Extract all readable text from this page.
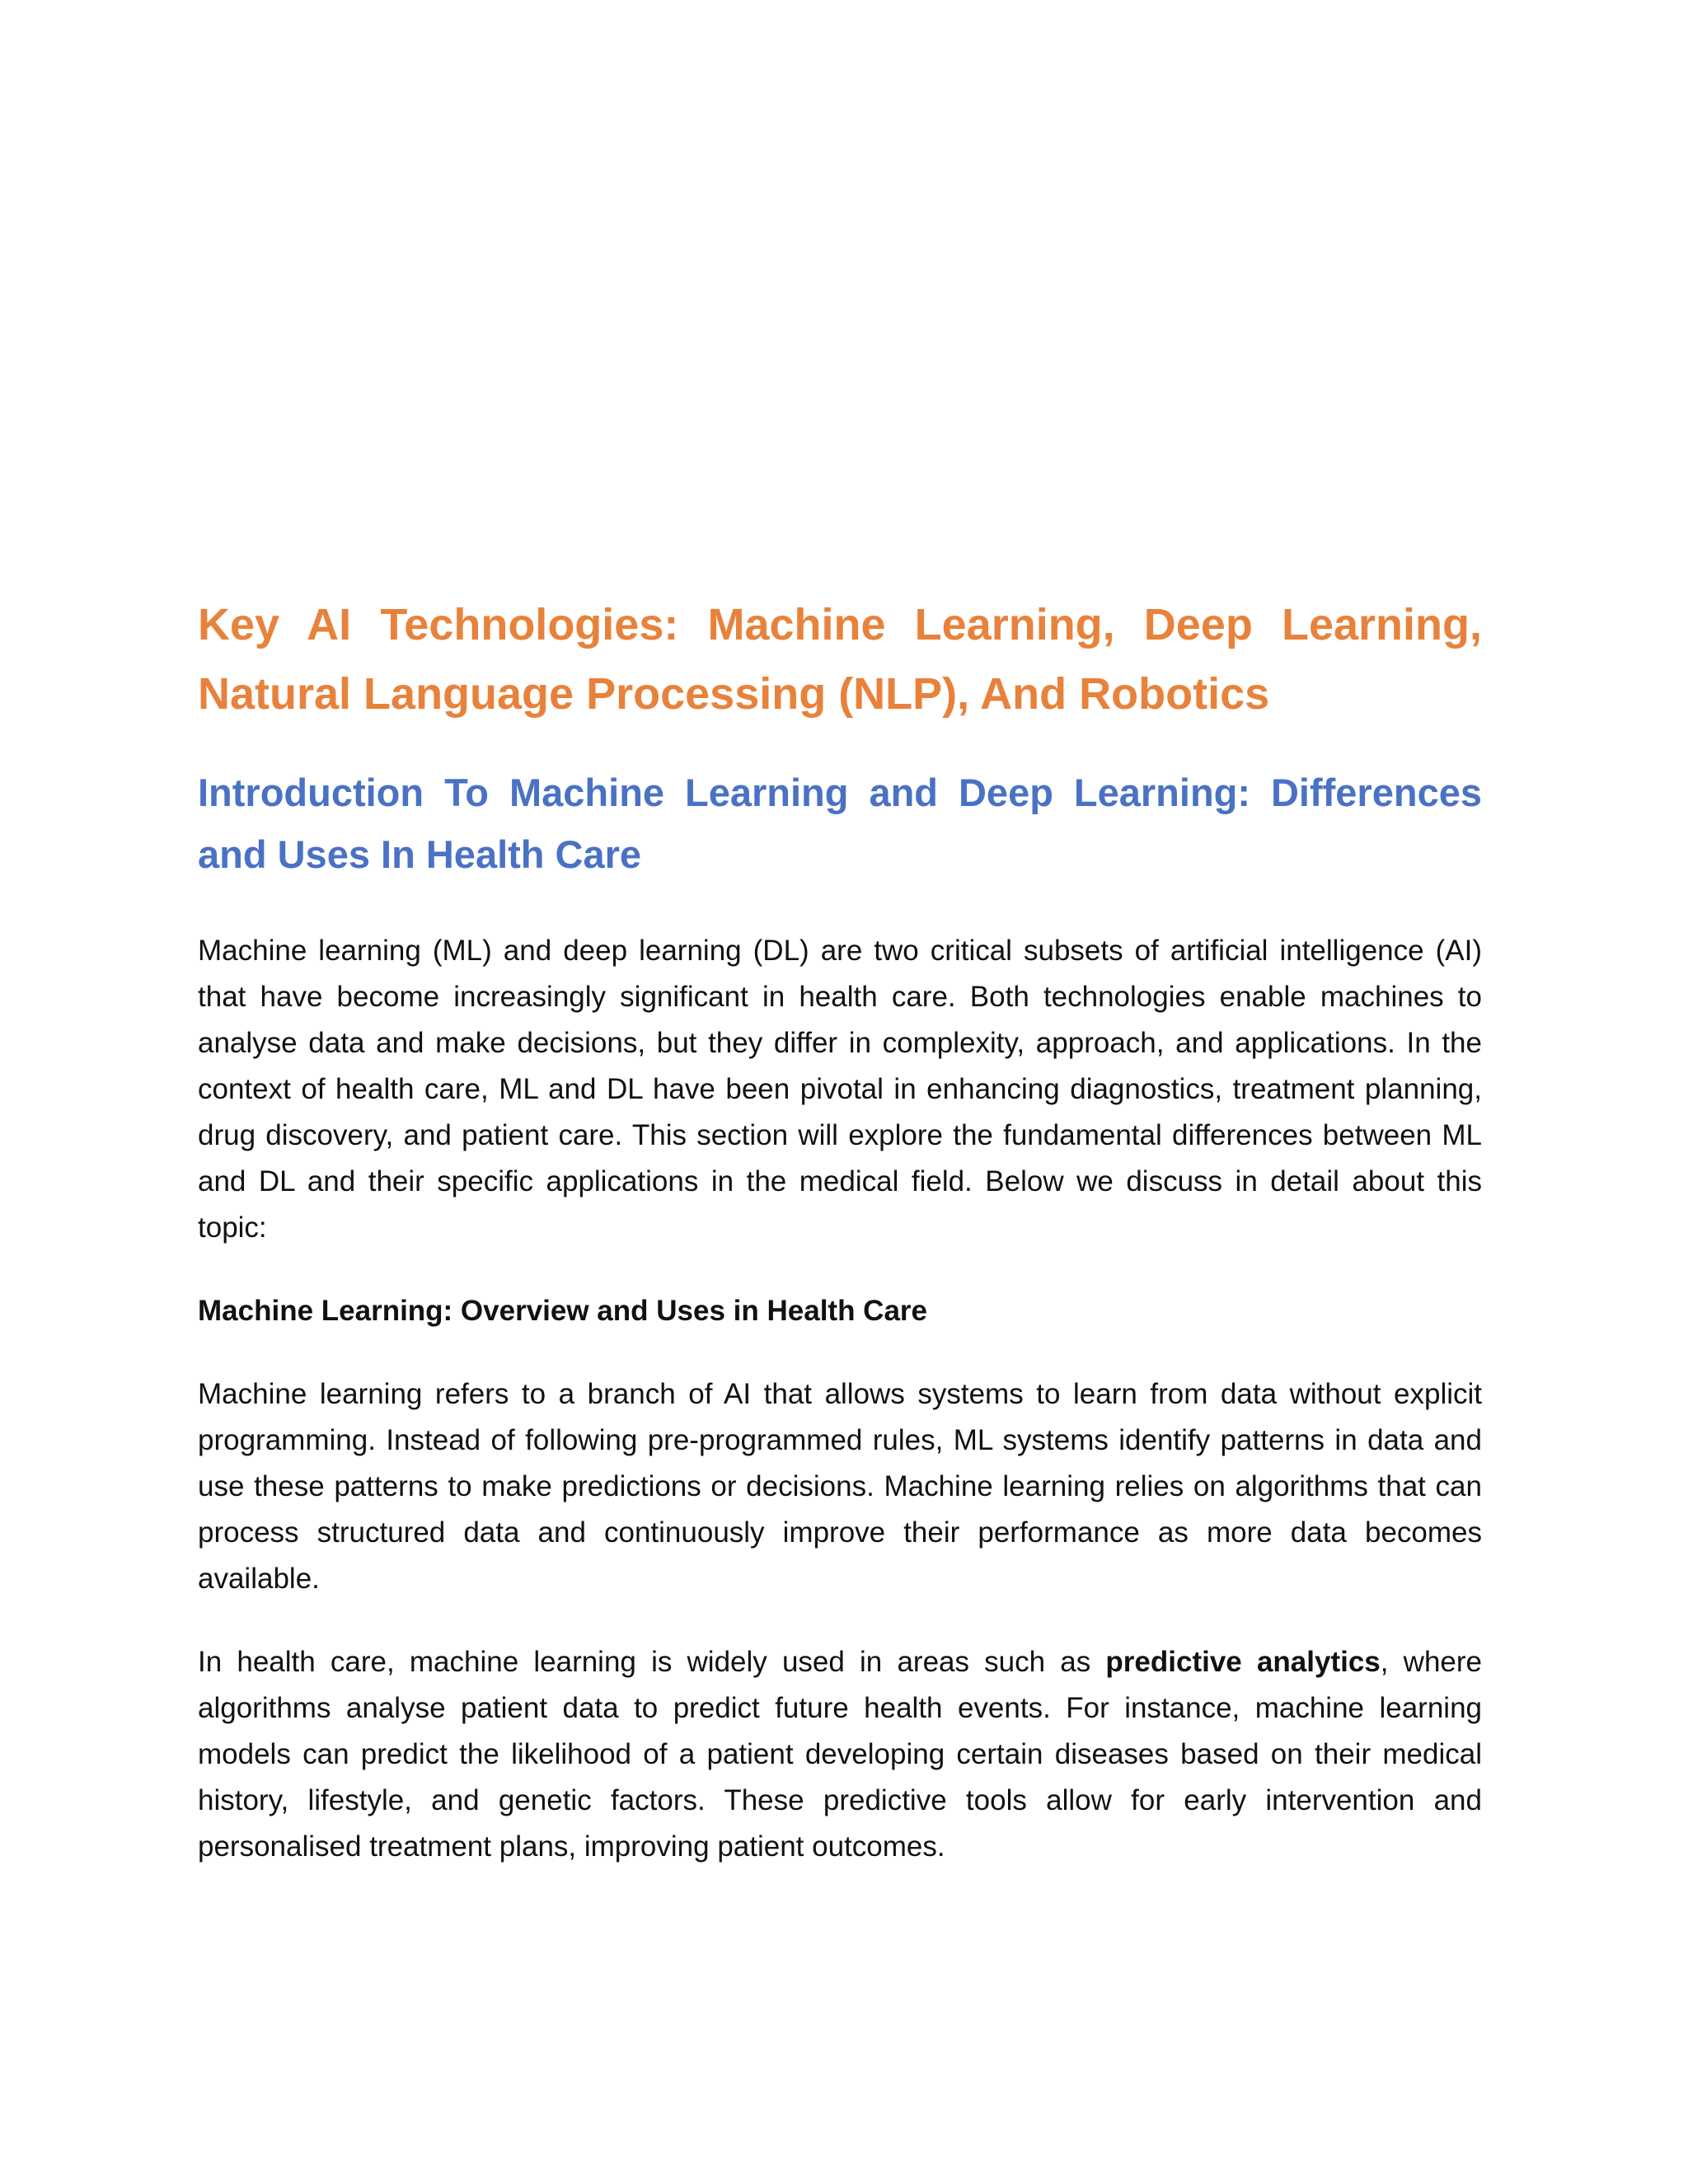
Key AI Technologies: Machine Learning, Deep Learning, Natural Language Processing (NLP), And Robotics
Introduction To Machine Learning and Deep Learning: Differences and Uses In Health Care

Machine learning (ML) and deep learning (DL) are two critical subsets of artificial intelligence (AI) that have become increasingly significant in health care. Both technologies enable machines to analyse data and make decisions, but they differ in complexity, approach, and applications. In the context of health care, ML and DL have been pivotal in enhancing diagnostics, treatment planning, drug discovery, and patient care. This section will explore the fundamental differences between ML and DL and their specific applications in the medical field. Below we discuss in detail about this topic:

Machine Learning: Overview and Uses in Health Care

Machine learning refers to a branch of AI that allows systems to learn from data without explicit programming. Instead of following pre-programmed rules, ML systems identify patterns in data and use these patterns to make predictions or decisions. Machine learning relies on algorithms that can process structured data and continuously improve their performance as more data becomes available.

In health care, machine learning is widely used in areas such as predictive analytics, where algorithms analyse patient data to predict future health events. For instance, machine learning models can predict the likelihood of a patient developing certain diseases based on their medical history, lifestyle, and genetic factors. These predictive tools allow for early intervention and personalised treatment plans, improving patient outcomes.
